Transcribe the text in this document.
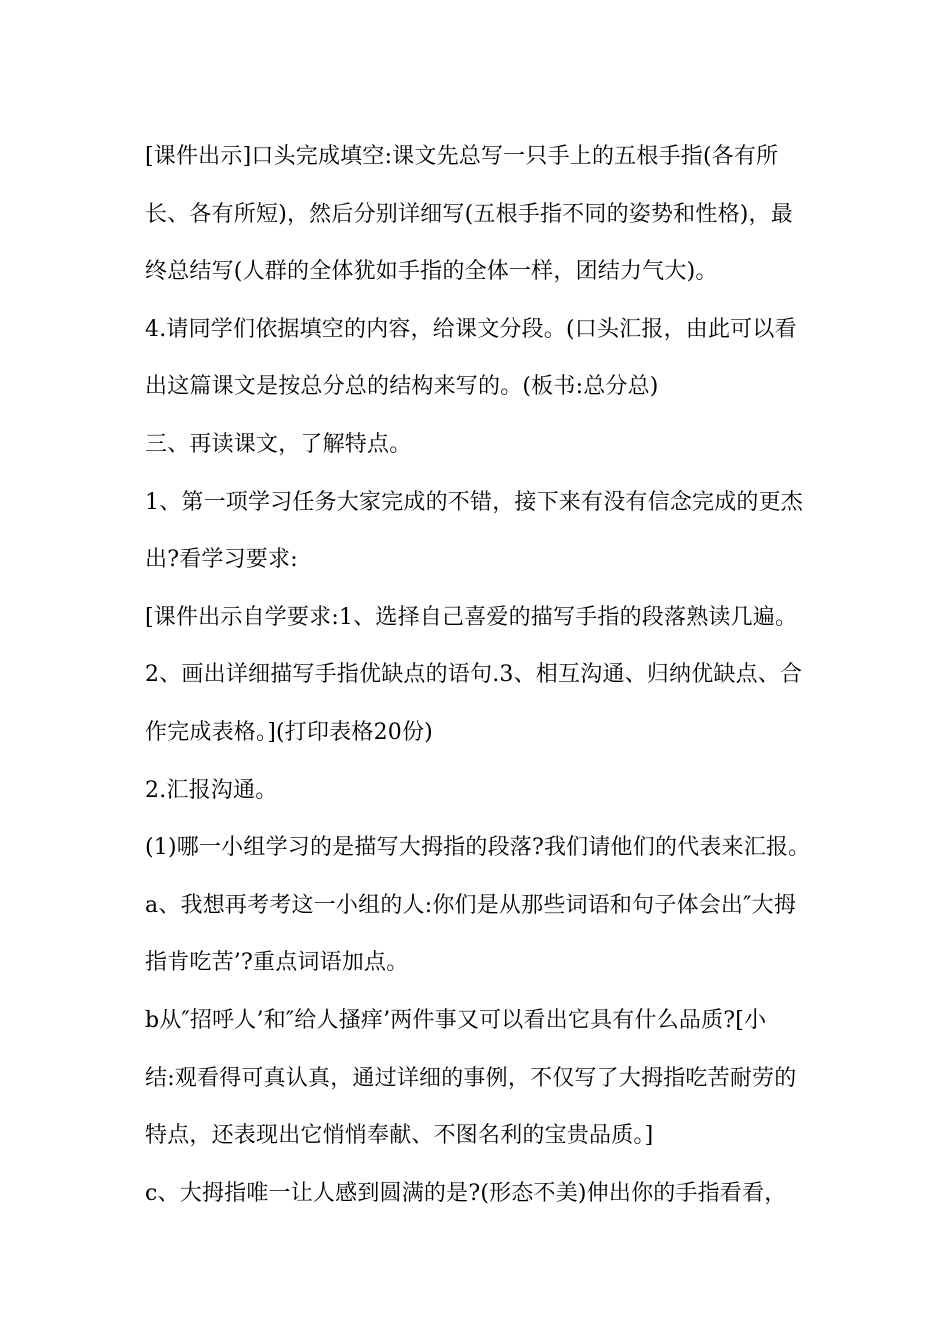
[课件出示]口头完成填空:课文先总写一只手上的五根手指(各有所
长、各有所短)，然后分别详细写(五根手指不同的姿势和性格)，最
终总结写(人群的全体犹如手指的全体一样，团结力气大)。
4.请同学们依据填空的内容，给课文分段。(口头汇报，由此可以看
出这篇课文是按总分总的结构来写的。(板书:总分总)
三、再读课文，了解特点。
1、第一项学习任务大家完成的不错，接下来有没有信念完成的更杰
出?看学习要求:
[课件出示自学要求:1、选择自己喜爱的描写手指的段落熟读几遍。
2、画出详细描写手指优缺点的语句.3、相互沟通、归纳优缺点、合
作完成表格。](打印表格20份)
2.汇报沟通。
(1)哪一小组学习的是描写大拇指的段落?我们请他们的代表来汇报。
a、我想再考考这一小组的人:你们是从那些词语和句子体会出″大拇
指肯吃苦’?重点词语加点。
b从″招呼人’和″给人搔痒’两件事又可以看出它具有什么品质?[小
结:观看得可真认真，通过详细的事例，不仅写了大拇指吃苦耐劳的
特点，还表现出它悄悄奉献、不图名利的宝贵品质。]
c、大拇指唯一让人感到圆满的是?(形态不美)伸出你的手指看看，
